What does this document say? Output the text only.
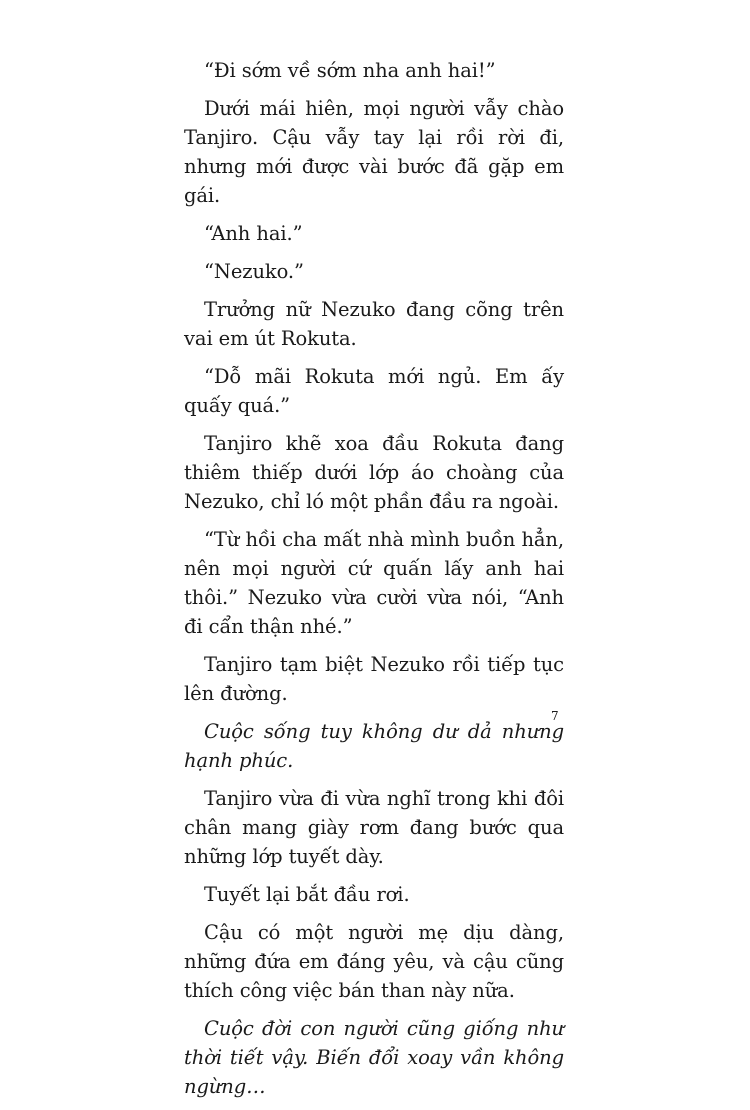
“Đi sớm về sớm nha anh hai!”

Dưới mái hiên, mọi người vẫy chào Tanjiro. Cậu vẫy tay lại rồi rời đi, nhưng mới được vài bước đã gặp em gái.

“Anh hai.”

“Nezuko.”

Trưởng nữ Nezuko đang cõng trên vai em út Rokuta.

“Dỗ mãi Rokuta mới ngủ. Em ấy quấy quá.”

Tanjiro khẽ xoa đầu Rokuta đang thiêm thiếp dưới lớp áo choàng của Nezuko, chỉ ló một phần đầu ra ngoài.

“Từ hồi cha mất nhà mình buồn hẳn, nên mọi người cứ quấn lấy anh hai thôi.” Nezuko vừa cười vừa nói, “Anh đi cẩn thận nhé.”

Tanjiro tạm biệt Nezuko rồi tiếp tục lên đường.

Cuộc sống tuy không dư dả nhưng hạnh phúc.

Tanjiro vừa đi vừa nghĩ trong khi đôi chân mang giày rơm đang bước qua những lớp tuyết dày.

Tuyết lại bắt đầu rơi.

Cậu có một người mẹ dịu dàng, những đứa em đáng yêu, và cậu cũng thích công việc bán than này nữa.

Cuộc đời con người cũng giống như thời tiết vậy. Biến đổi xoay vần không ngừng…

7
